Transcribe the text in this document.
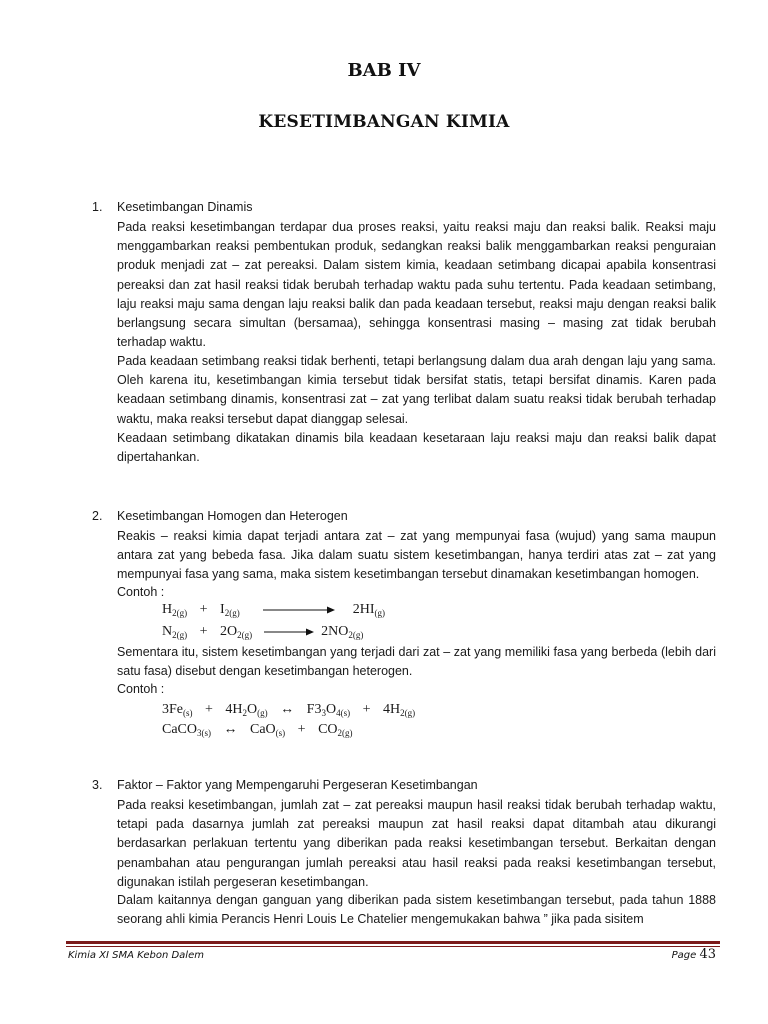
BAB IV
KESETIMBANGAN KIMIA
1. Kesetimbangan Dinamis

Pada reaksi kesetimbangan terdapar dua proses reaksi, yaitu reaksi maju dan reaksi balik. Reaksi maju menggambarkan reaksi pembentukan produk, sedangkan reaksi balik menggambarkan reaksi penguraian produk menjadi zat – zat pereaksi. Dalam sistem kimia, keadaan setimbang dicapai apabila konsentrasi pereaksi dan zat hasil reaksi tidak berubah terhadap waktu pada suhu tertentu. Pada keadaan setimbang, laju reaksi maju sama dengan laju reaksi balik dan pada keadaan tersebut, reaksi maju dengan reaksi balik berlangsung secara simultan (bersamaa), sehingga konsentrasi masing – masing zat tidak berubah terhadap waktu.

Pada keadaan setimbang reaksi tidak berhenti, tetapi berlangsung dalam dua arah dengan laju yang sama. Oleh karena itu, kesetimbangan kimia tersebut tidak bersifat statis, tetapi bersifat dinamis. Karen pada keadaan setimbang dinamis, konsentrasi zat – zat yang terlibat dalam suatu reaksi tidak berubah terhadap waktu, maka reaksi tersebut dapat dianggap selesai.

Keadaan setimbang dikatakan dinamis bila keadaan kesetaraan laju reaksi maju dan reaksi balik dapat dipertahankan.

2. Kesetimbangan Homogen dan Heterogen

Reakis – reaksi kimia dapat terjadi antara zat – zat yang mempunyai fasa (wujud) yang sama maupun antara zat yang bebeda fasa. Jika dalam suatu sistem kesetimbangan, hanya terdiri atas zat – zat yang mempunyai fasa yang sama, maka sistem kesetimbangan tersebut dinamakan kesetimbangan homogen.

Contoh :
$H_{2(g)} + I_{2(g)}$	$2HI_{(g)}$
$N_{2(g)} + 2O_{2(g)}$	$2NO_{2(g)}$

Sementara itu, sistem kesetimbangan yang terjadi dari zat – zat yang memiliki fasa yang berbeda (lebih dari satu fasa) disebut dengan kesetimbangan heterogen.

Contoh :
$3Fe_{(s)} + 4H_2O_{(g)}$ ↔ $F3_3O_{4(s)} + 4H_{2(g)}$
CaCO$_{3(s)}$ ↔ $CaO_{(s)} + CO_{2(g)}$
3. Faktor – Faktor yang Mempengaruhi Pergeseran Kesetimbangan

Pada reaksi kesetimbangan, jumlah zat – zat pereaksi maupun hasil reaksi tidak berubah terhadap waktu, tetapi pada dasarnya jumlah zat pereaksi maupun zat hasil reaksi dapat ditambah atau dikurangi berdasarkan perlakuan tertentu yang diberikan pada reaksi kesetimbangan tersebut. Berkaitan dengan penambahan atau pengurangan jumlah pereaksi atau hasil reaksi pada reaksi kesetimbangan tersebut, digunakan istilah pergeseran kesetimbangan.

Dalam kaitannya dengan ganguan yang diberikan pada sistem kesetimbangan tersebut, pada tahun 1888 seorang ahli kimia Perancis Henri Louis Le Chatelier mengemukakan bahwa ” jika pada sisitem

Kimia XI SMA Kebon Dalem	Page 43
